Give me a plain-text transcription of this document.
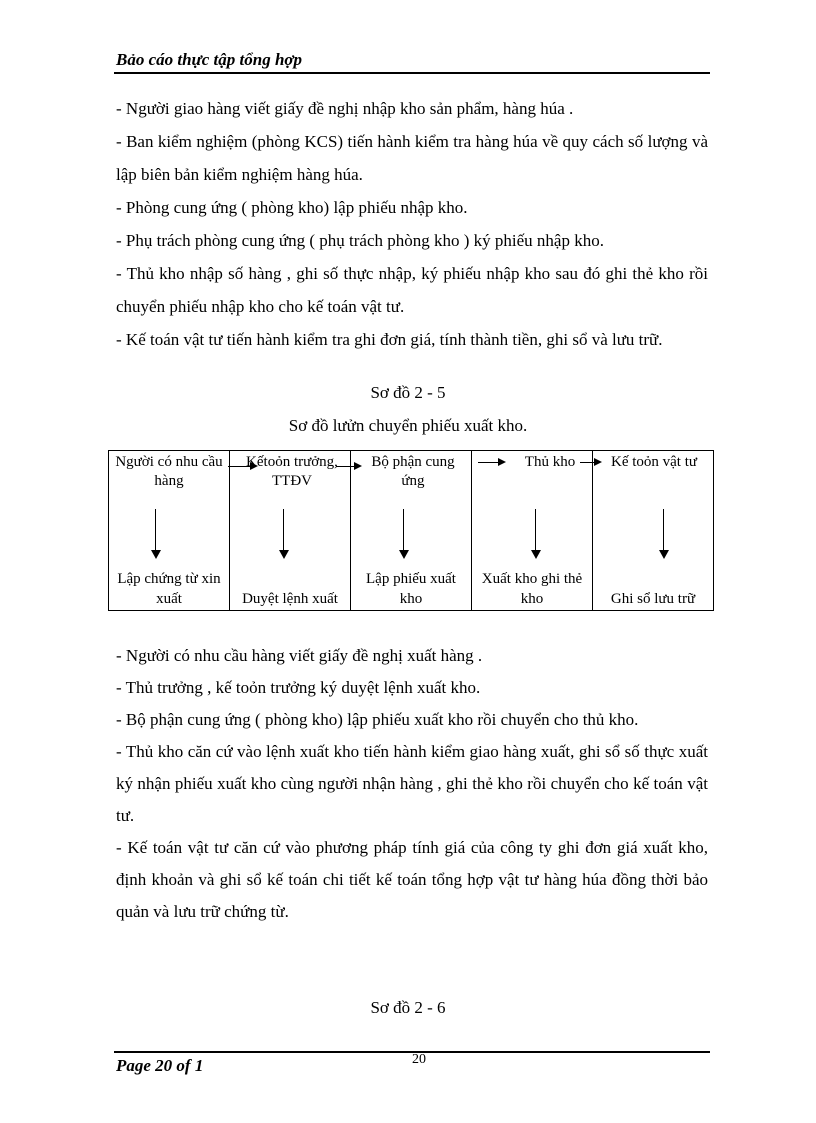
Bảo cáo thực tập tổng hợp

- Người giao hàng viết giấy đề nghị nhập kho sản phẩm, hàng húa .

- Ban kiểm nghiệm (phòng KCS) tiến hành kiểm tra hàng húa về quy cách số lượng và lập biên bản kiểm nghiệm hàng húa.

- Phòng cung ứng ( phòng kho) lập phiếu nhập kho.

- Phụ trách phòng cung ứng ( phụ trách phòng kho ) ký phiếu nhập kho.

- Thủ kho nhập số hàng , ghi số thực nhập, ký phiếu nhập kho sau đó ghi thẻ kho rồi chuyển phiếu nhập kho cho kế toán vật tư.

- Kế toán vật tư tiến hành kiểm tra ghi đơn giá, tính thành tiền, ghi sổ và lưu trữ.

Sơ đồ 2 - 5
Sơ đồ lưửn chuyển phiếu xuất kho.
Người có nhu cầu hàng
Lập chứng từ xin xuất

Kếtoỏn trưởng, TTĐV
Duyệt lệnh xuất

Bộ phận cung ứng
Lập phiếu xuất kho

Thủ kho
Xuất kho ghi thẻ kho

Kế toỏn vật tư
Ghi sổ lưu trữ

- Người có nhu cầu hàng viết giấy đề nghị xuất hàng .

- Thủ trưởng , kế toỏn trưởng ký duyệt lệnh xuất kho.

- Bộ phận cung ứng ( phòng kho) lập phiếu xuất kho rồi chuyển cho thủ kho.

- Thủ kho căn cứ vào lệnh xuất kho tiến hành kiểm giao hàng xuất, ghi sổ số thực xuất ký nhận phiếu xuất kho cùng người nhận hàng , ghi thẻ kho rồi chuyển cho kế toán vật tư.

- Kế toán vật tư căn cứ vào phương pháp tính giá của công ty ghi đơn giá xuất kho, định khoản và ghi sổ kế toán chi tiết kế toán tổng hợp vật tư hàng húa đồng thời bảo quản và lưu trữ chứng từ.

Sơ đồ 2 - 6
Page 20 of 1	20
